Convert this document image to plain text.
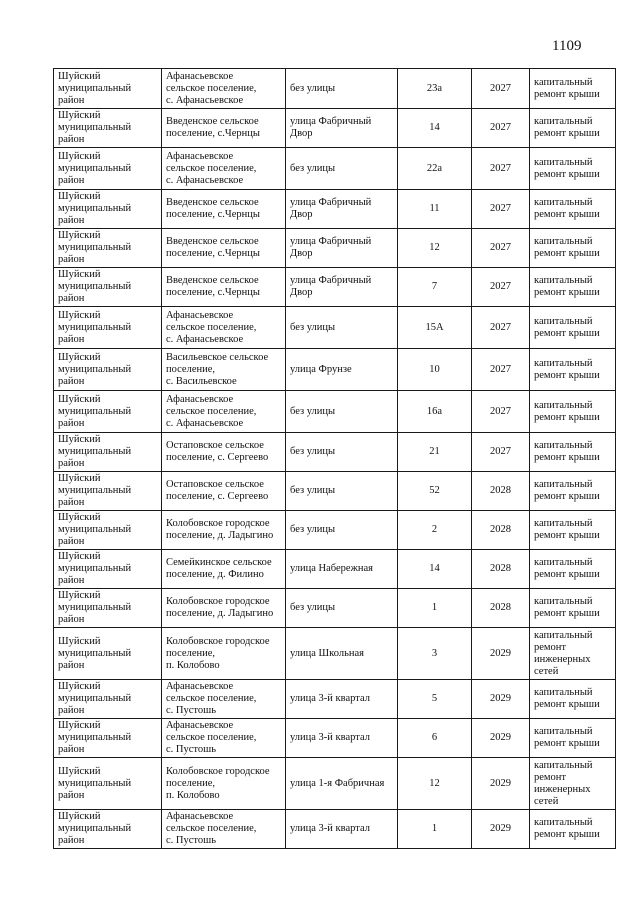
1109
Шуйский
муниципальный
район	Афанасьевское
сельское поселение,
с. Афанасьевское	без улицы	23а	2027	капитальный
ремонт крыши
Шуйский
муниципальный
район	Введенское сельское
поселение, с.Чернцы	улица Фабричный
Двор	14	2027	капитальный
ремонт крыши
Шуйский
муниципальный
район	Афанасьевское
сельское поселение,
с. Афанасьевское	без улицы	22а	2027	капитальный
ремонт крыши
Шуйский
муниципальный
район	Введенское сельское
поселение, с.Чернцы	улица Фабричный
Двор	11	2027	капитальный
ремонт крыши
Шуйский
муниципальный
район	Введенское сельское
поселение, с.Чернцы	улица Фабричный
Двор	12	2027	капитальный
ремонт крыши
Шуйский
муниципальный
район	Введенское сельское
поселение, с.Чернцы	улица Фабричный
Двор	7	2027	капитальный
ремонт крыши
Шуйский
муниципальный
район	Афанасьевское
сельское поселение,
с. Афанасьевское	без улицы	15А	2027	капитальный
ремонт крыши
Шуйский
муниципальный
район	Васильевское сельское
поселение,
с. Васильевское	улица Фрунзе	10	2027	капитальный
ремонт крыши
Шуйский
муниципальный
район	Афанасьевское
сельское поселение,
с. Афанасьевское	без улицы	16а	2027	капитальный
ремонт крыши
Шуйский
муниципальный
район	Остаповское сельское
поселение, с. Сергеево	без улицы	21	2027	капитальный
ремонт крыши
Шуйский
муниципальный
район	Остаповское сельское
поселение, с. Сергеево	без улицы	52	2028	капитальный
ремонт крыши
Шуйский
муниципальный
район	Колобовское городское
поселение, д. Ладыгино	без улицы	2	2028	капитальный
ремонт крыши
Шуйский
муниципальный
район	Семейкинское сельское
поселение, д. Филино	улица Набережная	14	2028	капитальный
ремонт крыши
Шуйский
муниципальный
район	Колобовское городское
поселение, д. Ладыгино	без улицы	1	2028	капитальный
ремонт крыши
Шуйский
муниципальный
район	Колобовское городское
поселение,
п. Колобово	улица Школьная	3	2029	капитальный
ремонт
инженерных
сетей
Шуйский
муниципальный
район	Афанасьевское
сельское поселение,
с. Пустошь	улица 3-й квартал	5	2029	капитальный
ремонт крыши
Шуйский
муниципальный
район	Афанасьевское
сельское поселение,
с. Пустошь	улица 3-й квартал	6	2029	капитальный
ремонт крыши
Шуйский
муниципальный
район	Колобовское городское
поселение,
п. Колобово	улица 1-я Фабричная	12	2029	капитальный
ремонт
инженерных
сетей
Шуйский
муниципальный
район	Афанасьевское
сельское поселение,
с. Пустошь	улица 3-й квартал	1	2029	капитальный
ремонт крыши
